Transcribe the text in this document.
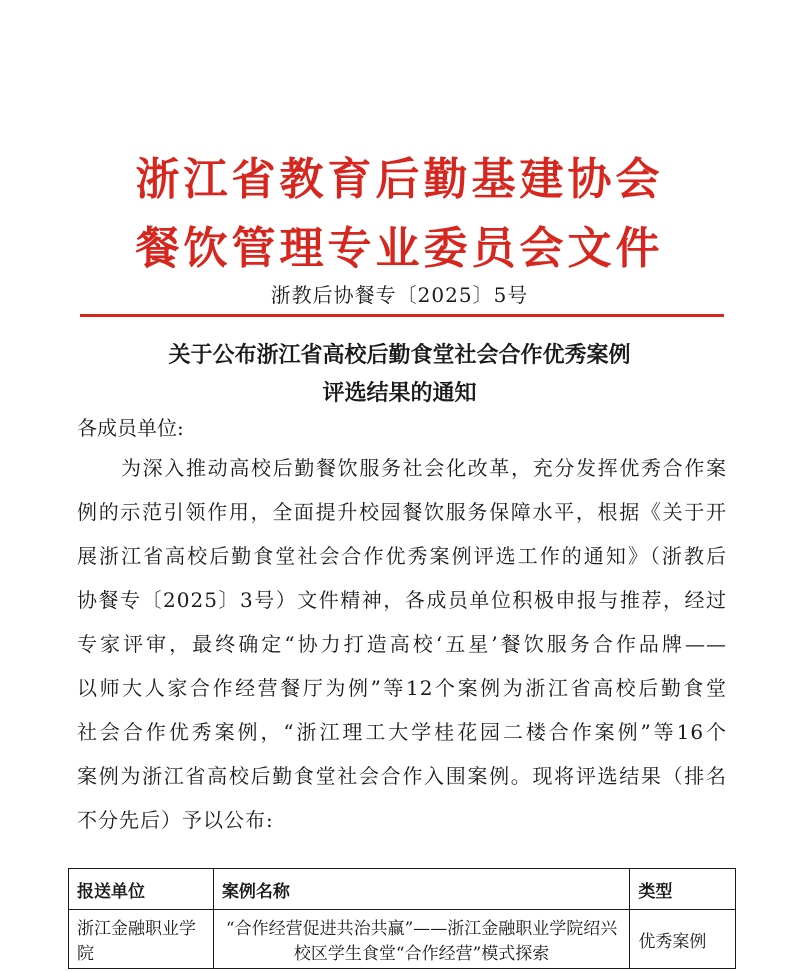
浙江省教育后勤基建协会
餐饮管理专业委员会文件
浙教后协餐专〔2025〕5号
关于公布浙江省高校后勤食堂社会合作优秀案例
评选结果的通知
各成员单位:
为深入推动高校后勤餐饮服务社会化改革，充分发挥优秀合作案
例的示范引领作用，全面提升校园餐饮服务保障水平，根据《关于开
展浙江省高校后勤食堂社会合作优秀案例评选工作的通知》（浙教后
协餐专〔2025〕3号）文件精神，各成员单位积极申报与推荐，经过
专家评审，最终确定“协力打造高校‘五星’餐饮服务合作品牌——
以师大人家合作经营餐厅为例”等12个案例为浙江省高校后勤食堂
社会合作优秀案例，“浙江理工大学桂花园二楼合作案例”等16个
案例为浙江省高校后勤食堂社会合作入围案例。现将评选结果（排名
不分先后）予以公布:
报送单位	案例名称	类型
浙江金融职业学院	“合作经营促进共治共赢”——浙江金融职业学院绍兴校区学生食堂“合作经营”模式探索	优秀案例
